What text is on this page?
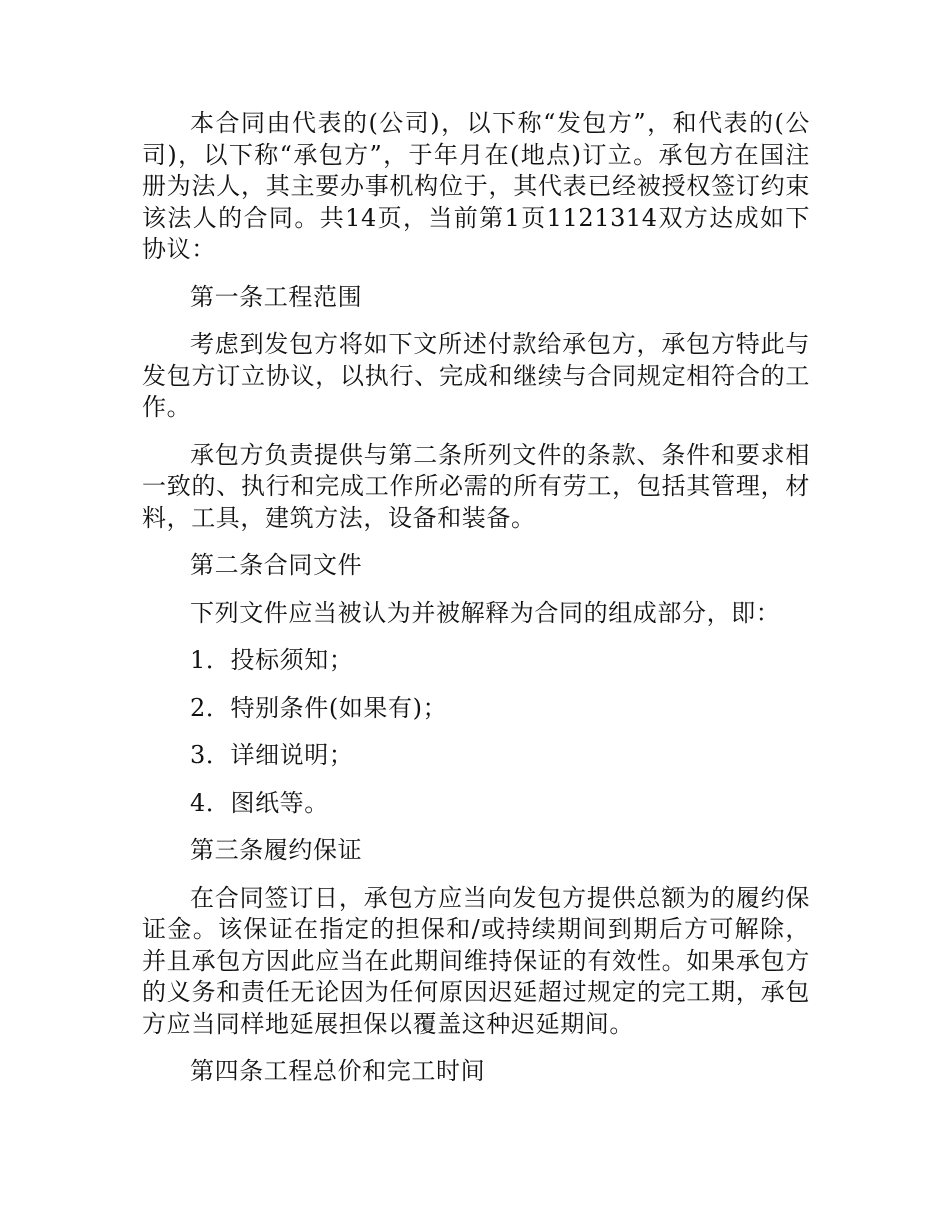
本合同由代表的(公司)，以下称“发包方”，和代表的(公司)，以下称“承包方”，于年月在(地点)订立。承包方在国注册为法人，其主要办事机构位于，其代表已经被授权签订约束该法人的合同。共14页，当前第1页1121314双方达成如下协议：

第一条工程范围

考虑到发包方将如下文所述付款给承包方，承包方特此与发包方订立协议，以执行、完成和继续与合同规定相符合的工作。

承包方负责提供与第二条所列文件的条款、条件和要求相一致的、执行和完成工作所必需的所有劳工，包括其管理，材料，工具，建筑方法，设备和装备。

第二条合同文件

下列文件应当被认为并被解释为合同的组成部分，即：

1．投标须知；

2．特别条件(如果有)；

3．详细说明；

4．图纸等。

第三条履约保证

在合同签订日，承包方应当向发包方提供总额为的履约保证金。该保证在指定的担保和/或持续期间到期后方可解除，并且承包方因此应当在此期间维持保证的有效性。如果承包方的义务和责任无论因为任何原因迟延超过规定的完工期，承包方应当同样地延展担保以覆盖这种迟延期间。

第四条工程总价和完工时间
